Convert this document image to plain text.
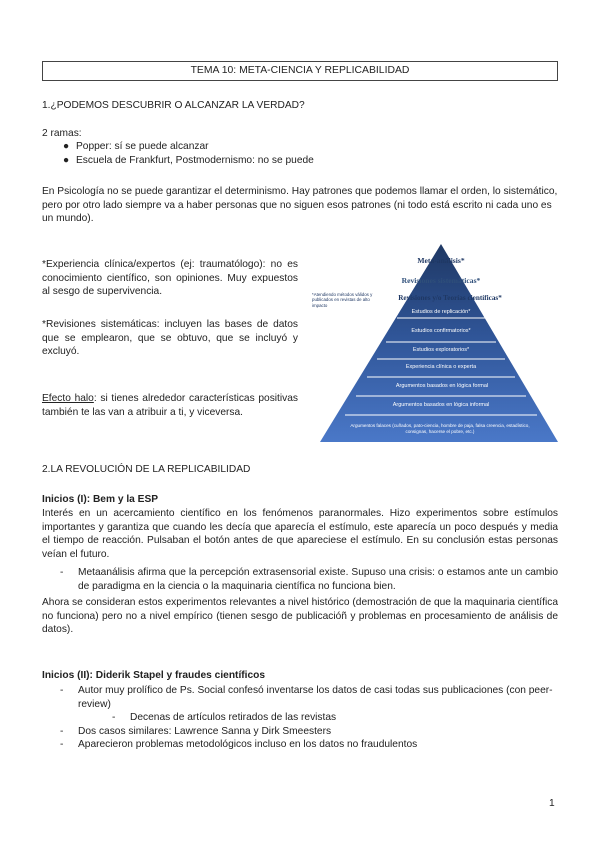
TEMA 10: META-CIENCIA Y REPLICABILIDAD

1.¿PODEMOS DESCUBRIR O ALCANZAR LA VERDAD?

2 ramas:

● Popper: sí se puede alcanzar
● Escuela de Frankfurt, Postmodernismo: no se puede

En Psicología no se puede garantizar el determinismo. Hay patrones que podemos llamar el orden, lo sistemático, pero por otro lado siempre va a haber personas que no siguen esos patrones (ni todo está escrito ni cada uno es un mundo).

*Experiencia clínica/expertos (ej: traumatólogo): no es conocimiento científico, son opiniones. Muy expuestos al sesgo de supervivencia.

*Revisiones sistemáticas: incluyen las bases de datos que se emplearon, que se obtuvo, que se incluyó y excluyó.

Efecto halo: si tienes alrededor características positivas también te las van a atribuir a ti, y viceversa.

Meta-análisis*
Revisiones sistemáticas*
Revisiones y/o Teorías científicas*
*Atendiendo métodos válidos y publicados en revistas de alto impacto
Estudios de replicación*
Estudios confirmatorios*
Estudios exploratorios*
Experiencia clínica o experta
Argumentos basados en lógica formal
Argumentos basados en lógica informal
Argumentos falaces (cuñados, pato-ciencia, hombre de paja, falsa creencia, estadístico, consignas, hacerse el pobre, etc.)

2.LA REVOLUCIÓN DE LA REPLICABILIDAD

Inicios (I): Bem y la ESP

Interés en un acercamiento científico en los fenómenos paranormales. Hizo experimentos sobre estímulos importantes y garantiza que cuando les decía que aparecía el estímulo, este aparecía un poco después y media el tiempo de reacción. Pulsaban el botón antes de que apareciese el estímulo. En su conclusión estas personas veían el futuro.

- Metaanálisis afirma que la percepción extrasensorial existe. Supuso una crisis: o estamos ante un cambio de paradigma en la ciencia o la maquinaria científica no funciona bien.

Ahora se consideran estos experimentos relevantes a nivel histórico (demostración de que la maquinaria científica no funciona) pero no a nivel empírico (tienen sesgo de publicacióñ y problemas en procesamiento de análisis de datos).

Inicios (II): Diderik Stapel y fraudes científicos

- Autor muy prolífico de Ps. Social confesó inventarse los datos de casi todas sus publicaciones (con peer-review)
- Decenas de artículos retirados de las revistas
- Dos casos similares: Lawrence Sanna y Dirk Smeesters
- Aparecieron problemas metodológicos incluso en los datos no fraudulentos

1
